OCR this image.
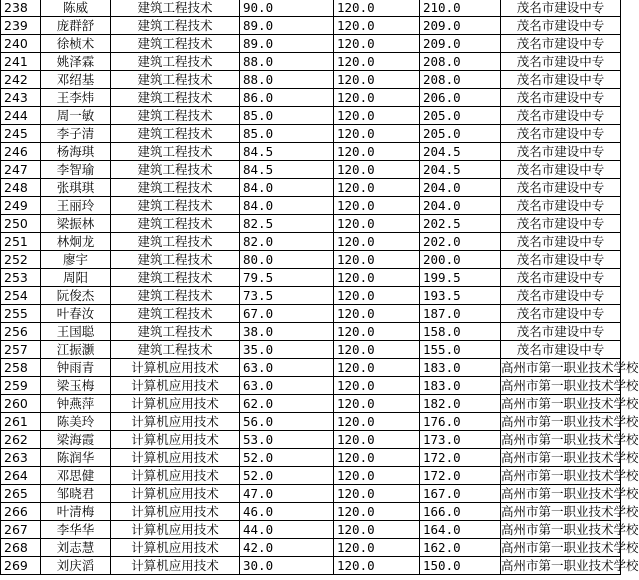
238	陈威	建筑工程技术	90.0	120.0	210.0	茂名市建设中专
239	庞群舒	建筑工程技术	89.0	120.0	209.0	茂名市建设中专
240	徐桢术	建筑工程技术	89.0	120.0	209.0	茂名市建设中专
241	姚泽霖	建筑工程技术	88.0	120.0	208.0	茂名市建设中专
242	邓绍基	建筑工程技术	88.0	120.0	208.0	茂名市建设中专
243	王李炜	建筑工程技术	86.0	120.0	206.0	茂名市建设中专
244	周一敏	建筑工程技术	85.0	120.0	205.0	茂名市建设中专
245	李子清	建筑工程技术	85.0	120.0	205.0	茂名市建设中专
246	杨海琪	建筑工程技术	84.5	120.0	204.5	茂名市建设中专
247	李智瑜	建筑工程技术	84.5	120.0	204.5	茂名市建设中专
248	张琪琪	建筑工程技术	84.0	120.0	204.0	茂名市建设中专
249	王丽玲	建筑工程技术	84.0	120.0	204.0	茂名市建设中专
250	梁振林	建筑工程技术	82.5	120.0	202.5	茂名市建设中专
251	林炯龙	建筑工程技术	82.0	120.0	202.0	茂名市建设中专
252	廖宇	建筑工程技术	80.0	120.0	200.0	茂名市建设中专
253	周阳	建筑工程技术	79.5	120.0	199.5	茂名市建设中专
254	阮俊杰	建筑工程技术	73.5	120.0	193.5	茂名市建设中专
255	叶春汝	建筑工程技术	67.0	120.0	187.0	茂名市建设中专
256	王国聪	建筑工程技术	38.0	120.0	158.0	茂名市建设中专
257	江振灏	建筑工程技术	35.0	120.0	155.0	茂名市建设中专
258	钟雨青	计算机应用技术	63.0	120.0	183.0	高州市第一职业技术学校
259	梁玉梅	计算机应用技术	63.0	120.0	183.0	高州市第一职业技术学校
260	钟燕萍	计算机应用技术	62.0	120.0	182.0	高州市第一职业技术学校
261	陈美玲	计算机应用技术	56.0	120.0	176.0	高州市第一职业技术学校
262	梁海霞	计算机应用技术	53.0	120.0	173.0	高州市第一职业技术学校
263	陈润华	计算机应用技术	52.0	120.0	172.0	高州市第一职业技术学校
264	邓思健	计算机应用技术	52.0	120.0	172.0	高州市第一职业技术学校
265	邹晓君	计算机应用技术	47.0	120.0	167.0	高州市第一职业技术学校
266	叶清梅	计算机应用技术	46.0	120.0	166.0	高州市第一职业技术学校
267	李华华	计算机应用技术	44.0	120.0	164.0	高州市第一职业技术学校
268	刘志慧	计算机应用技术	42.0	120.0	162.0	高州市第一职业技术学校
269	刘庆滔	计算机应用技术	30.0	120.0	150.0	高州市第一职业技术学校
